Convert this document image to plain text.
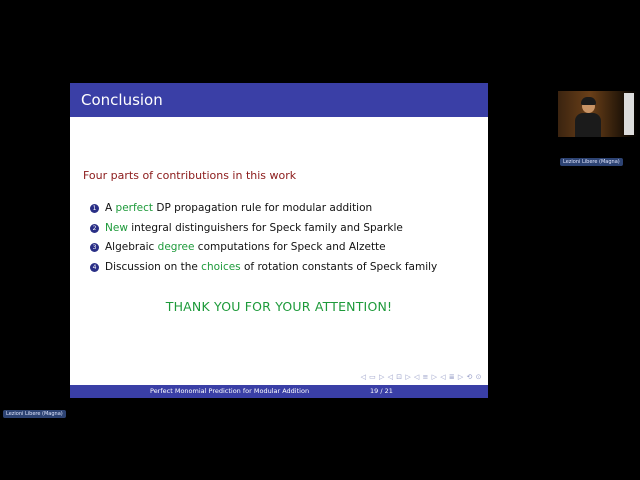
Conclusion
Four parts of contributions in this work
1 A perfect DP propagation rule for modular addition
2 New integral distinguishers for Speck family and Sparkle
3 Algebraic degree computations for Speck and Alzette
4 Discussion on the choices of rotation constants of Speck family
THANK YOU FOR YOUR ATTENTION!
◁ ▭ ▷ ◁ ⊡ ▷ ◁ ≡ ▷ ◁ ≣ ▷ ⟲ ⊙
Perfect Monomial Prediction for Modular Addition	19 / 21
Lezioni Libere (Magna)
Lezioni Libere (Magna)
